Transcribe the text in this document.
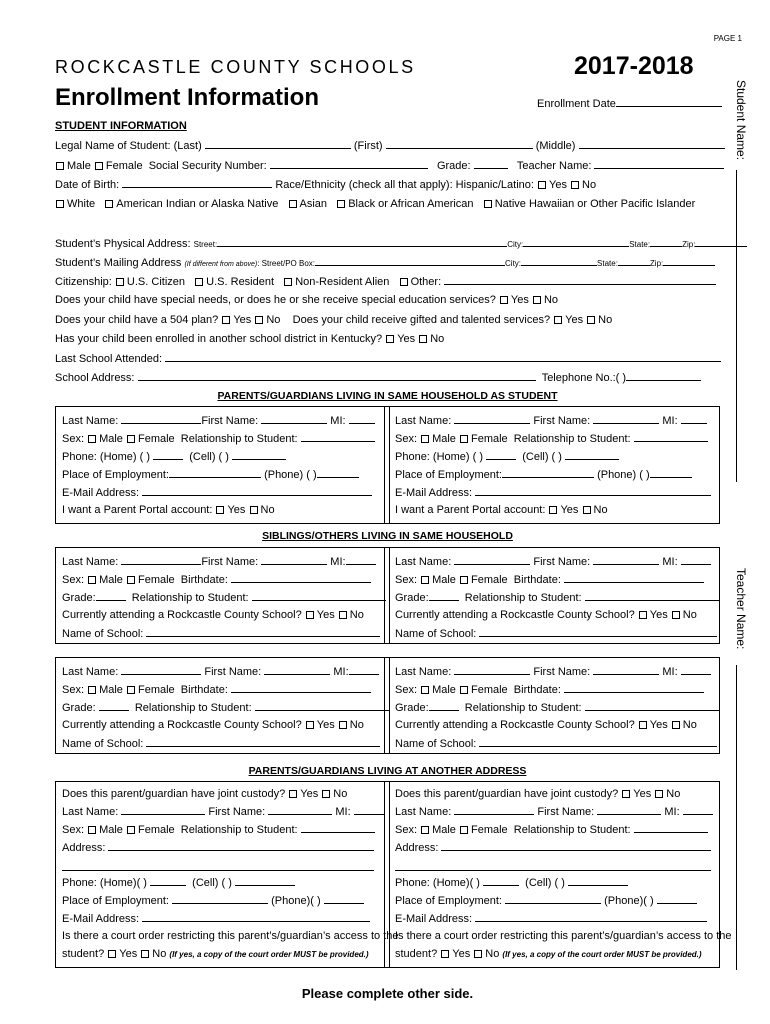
PAGE 1
ROCKCASTLE COUNTY SCHOOLS	2017-2018
Enrollment Information	Enrollment Date	Student Name:
Teacher Name:
STUDENT INFORMATION
Legal Name of Student: (Last)	(First)	(Middle)
Male Female Social Security Number:	Grade:	Teacher Name:
Date of Birth:	Race/Ethnicity (check all that apply): Hispanic/Latino: Yes No
White American Indian or Alaska Native Asian Black or African American Native Hawaiian or Other Pacific Islander
Student’s Physical Address: Street:	City:	State:	Zip:
Student’s Mailing Address (If different from above): Street/PO Box:	City:	State:	Zip:
Citizenship: U.S. Citizen U.S. Resident Non-Resident Alien Other:
Does your child have special needs, or does he or she receive special education services? Yes No
Does your child have a 504 plan? Yes No Does your child receive gifted and talented services? Yes No
Has your child been enrolled in another school district in Kentucky? Yes No
Last School Attended:
School Address:	Telephone No.:( )
PARENTS/GUARDIANS LIVING IN SAME HOUSEHOLD AS STUDENT
Last Name:	First Name:	MI:
Sex: Male Female Relationship to Student:
Phone: (Home) ( )	(Cell) ( )
Place of Employment:	(Phone) ( )
E-Mail Address:
I want a Parent Portal account: Yes No
Last Name:	First Name:	MI:
Sex: Male Female Relationship to Student:
Phone: (Home) ( )	(Cell) ( )
Place of Employment:	(Phone) ( )
E-Mail Address:
I want a Parent Portal account: Yes No
SIBLINGS/OTHERS LIVING IN SAME HOUSEHOLD
Last Name:	First Name:	MI:
Sex: Male Female Birthdate:
Grade:	Relationship to Student:
Currently attending a Rockcastle County School? Yes No
Name of School:
Last Name:	First Name:	MI:
Sex: Male Female Birthdate:
Grade:	Relationship to Student:
Currently attending a Rockcastle County School? Yes No
Name of School:
Last Name:	First Name:	MI:
Sex: Male Female Birthdate:
Grade:	Relationship to Student:
Currently attending a Rockcastle County School? Yes No
Name of School:
Last Name:	First Name:	MI:
Sex: Male Female Birthdate:
Grade:	Relationship to Student:
Currently attending a Rockcastle County School? Yes No
Name of School:
PARENTS/GUARDIANS LIVING AT ANOTHER ADDRESS
Does this parent/guardian have joint custody? Yes No
Last Name:	First Name:	MI:
Sex: Male Female Relationship to Student:
Address:
Phone: (Home)( )	(Cell) ( )
Place of Employment:	(Phone)( )
E-Mail Address:
Is there a court order restricting this parent’s/guardian’s access to the
student? Yes No (If yes, a copy of the court order MUST be provided.)
Does this parent/guardian have joint custody? Yes No
Last Name:	First Name:	MI:
Sex: Male Female Relationship to Student:
Address:
Phone: (Home)( )	(Cell) ( )
Place of Employment:	(Phone)( )
E-Mail Address:
Is there a court order restricting this parent’s/guardian’s access to the
student? Yes No (If yes, a copy of the court order MUST be provided.)
Please complete other side.
